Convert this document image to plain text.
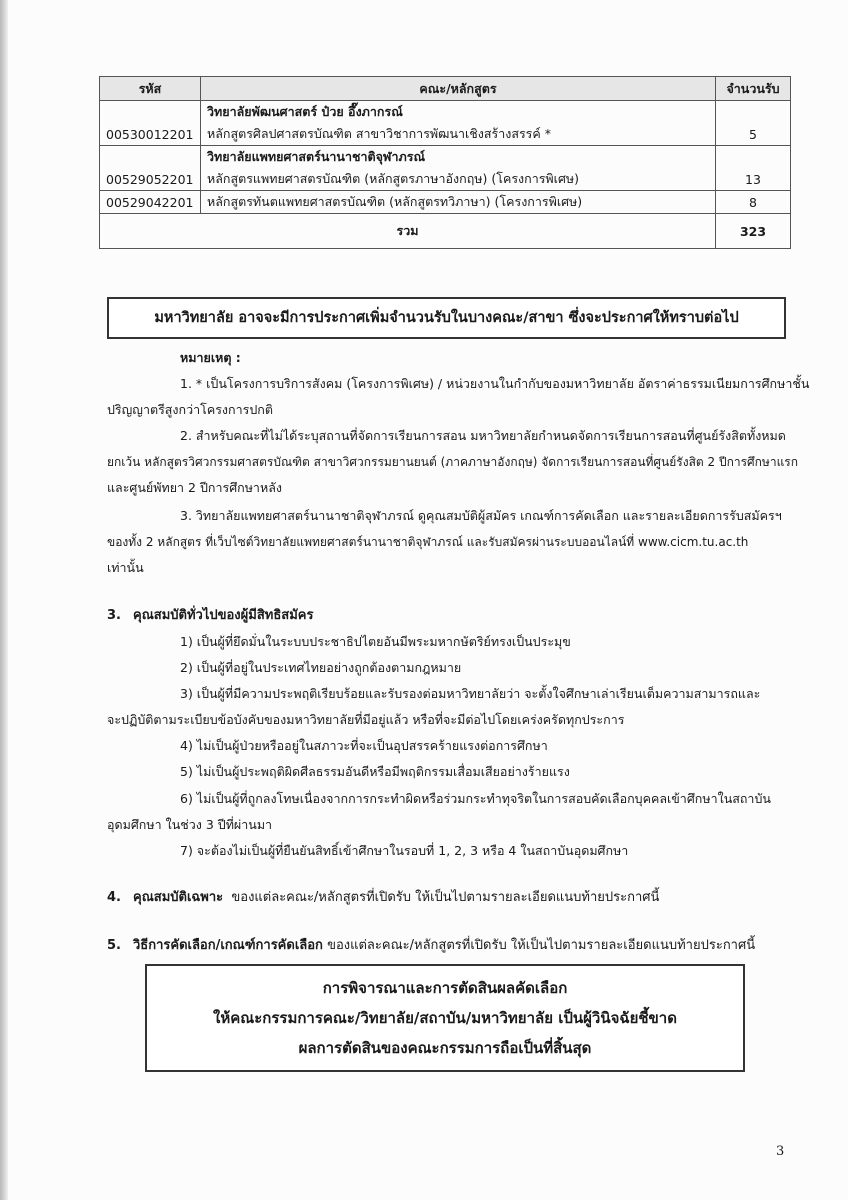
รหัส	คณะ/หลักสูตร	จำนวนรับ
	วิทยาลัยพัฒนศาสตร์ ป๋วย อึ๊งภากรณ์	
00530012201	หลักสูตรศิลปศาสตรบัณฑิต สาขาวิชาการพัฒนาเชิงสร้างสรรค์ *	5
	วิทยาลัยแพทยศาสตร์นานาชาติจุฬาภรณ์	
00529052201	หลักสูตรแพทยศาสตรบัณฑิต (หลักสูตรภาษาอังกฤษ) (โครงการพิเศษ)	13
00529042201	หลักสูตรทันตแพทยศาสตรบัณฑิต (หลักสูตรทวิภาษา) (โครงการพิเศษ)	8
รวม		323
มหาวิทยาลัย อาจจะมีการประกาศเพิ่มจำนวนรับในบางคณะ/สาขา ซึ่งจะประกาศให้ทราบต่อไป
หมายเหตุ :
1. * เป็นโครงการบริการสังคม (โครงการพิเศษ) / หน่วยงานในกำกับของมหาวิทยาลัย อัตราค่าธรรมเนียมการศึกษาชั้น
ปริญญาตรีสูงกว่าโครงการปกติ
2. สำหรับคณะที่ไม่ได้ระบุสถานที่จัดการเรียนการสอน มหาวิทยาลัยกำหนดจัดการเรียนการสอนที่ศูนย์รังสิตทั้งหมด
ยกเว้น หลักสูตรวิศวกรรมศาสตรบัณฑิต สาขาวิศวกรรมยานยนต์ (ภาคภาษาอังกฤษ) จัดการเรียนการสอนที่ศูนย์รังสิต 2 ปีการศึกษาแรก
และศูนย์พัทยา 2 ปีการศึกษาหลัง
3. วิทยาลัยแพทยศาสตร์นานาชาติจุฬาภรณ์ ดูคุณสมบัติผู้สมัคร เกณฑ์การคัดเลือก และรายละเอียดการรับสมัครฯ
ของทั้ง 2 หลักสูตร ที่เว็บไซต์วิทยาลัยแพทยศาสตร์นานาชาติจุฬาภรณ์ และรับสมัครผ่านระบบออนไลน์ที่ www.cicm.tu.ac.th
เท่านั้น
3. คุณสมบัติทั่วไปของผู้มีสิทธิสมัคร
1) เป็นผู้ที่ยึดมั่นในระบบประชาธิปไตยอันมีพระมหากษัตริย์ทรงเป็นประมุข
2) เป็นผู้ที่อยู่ในประเทศไทยอย่างถูกต้องตามกฎหมาย
3) เป็นผู้ที่มีความประพฤติเรียบร้อยและรับรองต่อมหาวิทยาลัยว่า จะตั้งใจศึกษาเล่าเรียนเต็มความสามารถและ
จะปฏิบัติตามระเบียบข้อบังคับของมหาวิทยาลัยที่มีอยู่แล้ว หรือที่จะมีต่อไปโดยเคร่งครัดทุกประการ
4) ไม่เป็นผู้ป่วยหรืออยู่ในสภาวะที่จะเป็นอุปสรรคร้ายแรงต่อการศึกษา
5) ไม่เป็นผู้ประพฤติผิดศีลธรรมอันดีหรือมีพฤติกรรมเสื่อมเสียอย่างร้ายแรง
6) ไม่เป็นผู้ที่ถูกลงโทษเนื่องจากการกระทำผิดหรือร่วมกระทำทุจริตในการสอบคัดเลือกบุคคลเข้าศึกษาในสถาบัน
อุดมศึกษา ในช่วง 3 ปีที่ผ่านมา
7) จะต้องไม่เป็นผู้ที่ยืนยันสิทธิ์เข้าศึกษาในรอบที่ 1, 2, 3 หรือ 4 ในสถาบันอุดมศึกษา
4. คุณสมบัติเฉพาะ ของแต่ละคณะ/หลักสูตรที่เปิดรับ ให้เป็นไปตามรายละเอียดแนบท้ายประกาศนี้
5. วิธีการคัดเลือก/เกณฑ์การคัดเลือก ของแต่ละคณะ/หลักสูตรที่เปิดรับ ให้เป็นไปตามรายละเอียดแนบท้ายประกาศนี้
การพิจารณาและการตัดสินผลคัดเลือก
ให้คณะกรรมการคณะ/วิทยาลัย/สถาบัน/มหาวิทยาลัย เป็นผู้วินิจฉัยชี้ขาด
ผลการตัดสินของคณะกรรมการถือเป็นที่สิ้นสุด
3
